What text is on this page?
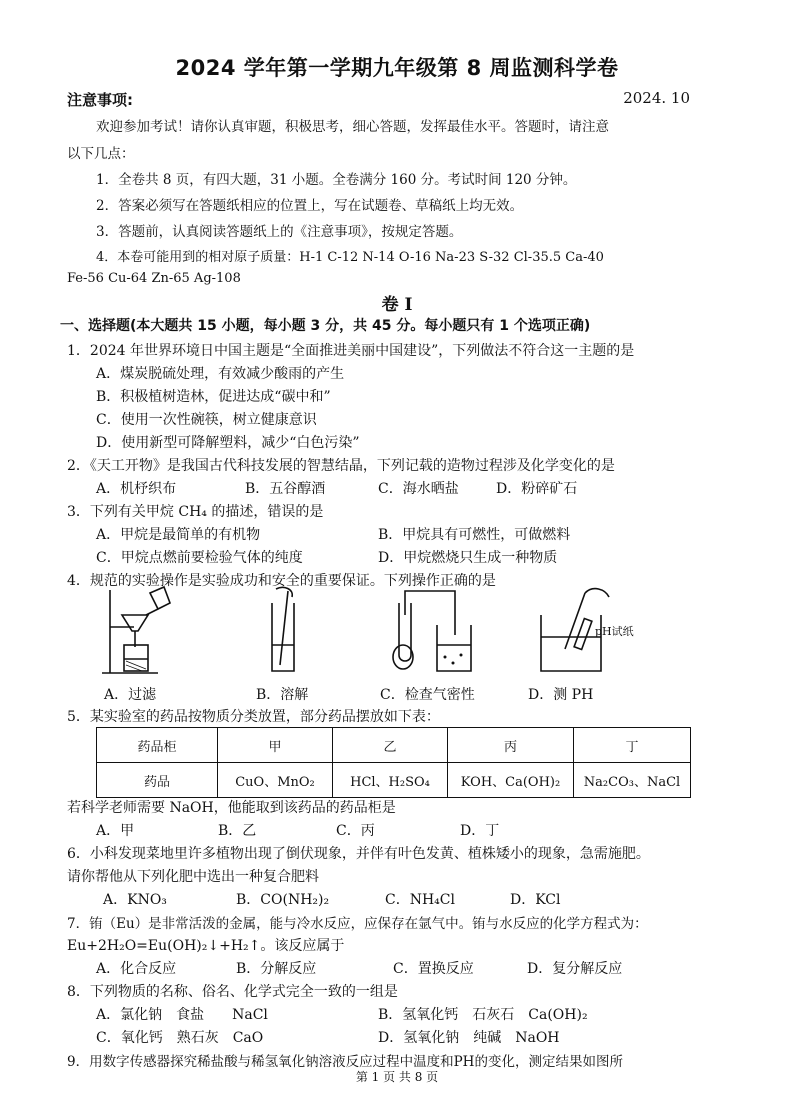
2024 学年第一学期九年级第 8 周监测科学卷
注意事项:	2024. 10
欢迎参加考试！请你认真审题，积极思考，细心答题，发挥最佳水平。答题时，请注意
以下几点：
1．全卷共 8 页，有四大题，31 小题。全卷满分 160 分。考试时间 120 分钟。
2．答案必须写在答题纸相应的位置上，写在试题卷、草稿纸上均无效。
3．答题前，认真阅读答题纸上的《注意事项》，按规定答题。
4．本卷可能用到的相对原子质量：H-1 C-12 N-14 O-16 Na-23 S-32 Cl-35.5 Ca-40
Fe-56 Cu-64 Zn-65 Ag-108
卷 I
一、选择题(本大题共 15 小题，每小题 3 分，共 45 分。每小题只有 1 个选项正确)
1．2024 年世界环境日中国主题是“全面推进美丽中国建设”，下列做法不符合这一主题的是
A．煤炭脱硫处理，有效减少酸雨的产生
B．积极植树造林，促进达成“碳中和”
C．使用一次性碗筷，树立健康意识
D．使用新型可降解塑料，减少“白色污染”
2．《天工开物》是我国古代科技发展的智慧结晶，下列记载的造物过程涉及化学变化的是
A．机杼织布	B．五谷醇酒	C．海水晒盐	D．粉碎矿石
3．下列有关甲烷 CH₄ 的描述，错误的是
A．甲烷是最简单的有机物	B．甲烷具有可燃性，可做燃料
C．甲烷点燃前要检验气体的纯度	D．甲烷燃烧只生成一种物质
4．规范的实验操作是实验成功和安全的重要保证。下列操作正确的是
A．过滤	B．溶解	C．检查气密性
pH试纸
D．测 PH
5．某实验室的药品按物质分类放置，部分药品摆放如下表：
药品柜	甲	乙	丙	丁
药品	CuO、MnO₂	HCl、H₂SO₄	KOH、Ca(OH)₂	Na₂CO₃、NaCl
若科学老师需要 NaOH，他能取到该药品的药品柜是
A．甲	B．乙	C．丙	D．丁
6．小科发现菜地里许多植物出现了倒伏现象，并伴有叶色发黄、植株矮小的现象，急需施肥。
请你帮他从下列化肥中选出一种复合肥料
A．KNO₃	B．CO(NH₂)₂	C．NH₄Cl	D．KCl
7．铕（Eu）是非常活泼的金属，能与冷水反应，应保存在氩气中。铕与水反应的化学方程式为：
Eu+2H₂O=Eu(OH)₂↓+H₂↑。该反应属于
A．化合反应	B．分解反应	C．置换反应	D．复分解反应
8．下列物质的名称、俗名、化学式完全一致的一组是
A．氯化钠　食盐　　NaCl	B．氢氧化钙　石灰石　Ca(OH)₂
C．氧化钙　熟石灰　CaO	D．氢氧化钠　纯碱　NaOH
9．用数字传感器探究稀盐酸与稀氢氧化钠溶液反应过程中温度和PH的变化，测定结果如图所
第 1 页 共 8 页
